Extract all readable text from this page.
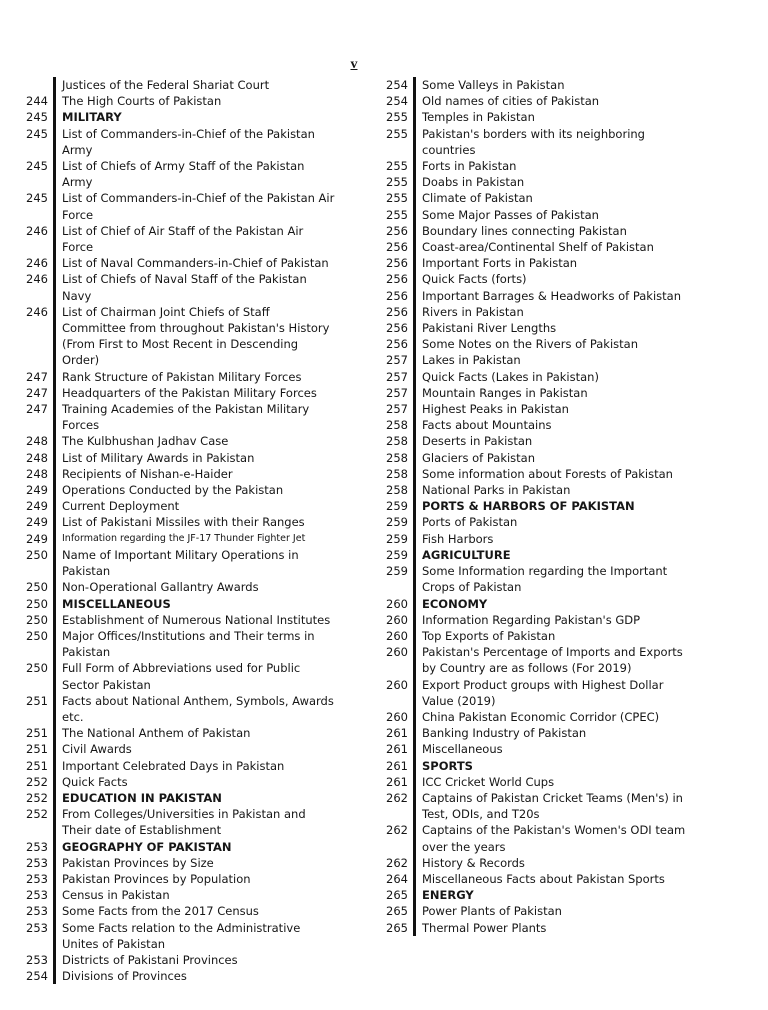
v
Justices of the Federal Shariat Court
244	The High Courts of Pakistan
245	MILITARY
245	List of Commanders-in-Chief of the Pakistan Army
245	List of Chiefs of Army Staff of the Pakistan Army
245	List of Commanders-in-Chief of the Pakistan Air Force
246	List of Chief of Air Staff of the Pakistan Air Force
246	List of Naval Commanders-in-Chief of Pakistan
246	List of Chiefs of Naval Staff of the Pakistan Navy
246	List of Chairman Joint Chiefs of Staff Committee from throughout Pakistan's History (From First to Most Recent in Descending Order)
247	Rank Structure of Pakistan Military Forces
247	Headquarters of the Pakistan Military Forces
247	Training Academies of the Pakistan Military Forces
248	The Kulbhushan Jadhav Case
248	List of Military Awards in Pakistan
248	Recipients of Nishan-e-Haider
249	Operations Conducted by the Pakistan
249	Current Deployment
249	List of Pakistani Missiles with their Ranges
249	Information regarding the JF-17 Thunder Fighter Jet
250	Name of Important Military Operations in Pakistan
250	Non-Operational Gallantry Awards
250	MISCELLANEOUS
250	Establishment of Numerous National Institutes
250	Major Offices/Institutions and Their terms in Pakistan
250	Full Form of Abbreviations used for Public Sector Pakistan
251	Facts about National Anthem, Symbols, Awards etc.
251	The National Anthem of Pakistan
251	Civil Awards
251	Important Celebrated Days in Pakistan
252	Quick Facts
252	EDUCATION IN PAKISTAN
252	From Colleges/Universities in Pakistan and Their date of Establishment
253	GEOGRAPHY OF PAKISTAN
253	Pakistan Provinces by Size
253	Pakistan Provinces by Population
253	Census in Pakistan
253	Some Facts from the 2017 Census
253	Some Facts relation to the Administrative Unites of Pakistan
253	Districts of Pakistani Provinces
254	Divisions of Provinces
254	Some Valleys in Pakistan
254	Old names of cities of Pakistan
255	Temples in Pakistan
255	Pakistan's borders with its neighboring countries
255	Forts in Pakistan
255	Doabs in Pakistan
255	Climate of Pakistan
255	Some Major Passes of Pakistan
256	Boundary lines connecting Pakistan
256	Coast-area/Continental Shelf of Pakistan
256	Important Forts in Pakistan
256	Quick Facts (forts)
256	Important Barrages & Headworks of Pakistan
256	Rivers in Pakistan
256	Pakistani River Lengths
256	Some Notes on the Rivers of Pakistan
257	Lakes in Pakistan
257	Quick Facts (Lakes in Pakistan)
257	Mountain Ranges in Pakistan
257	Highest Peaks in Pakistan
258	Facts about Mountains
258	Deserts in Pakistan
258	Glaciers of Pakistan
258	Some information about Forests of Pakistan
258	National Parks in Pakistan
259	PORTS & HARBORS OF PAKISTAN
259	Ports of Pakistan
259	Fish Harbors
259	AGRICULTURE
259	Some Information regarding the Important Crops of Pakistan
260	ECONOMY
260	Information Regarding Pakistan's GDP
260	Top Exports of Pakistan
260	Pakistan's Percentage of Imports and Exports by Country are as follows (For 2019)
260	Export Product groups with Highest Dollar Value (2019)
260	China Pakistan Economic Corridor (CPEC)
261	Banking Industry of Pakistan
261	Miscellaneous
261	SPORTS
261	ICC Cricket World Cups
262	Captains of Pakistan Cricket Teams (Men's) in Test, ODIs, and T20s
262	Captains of the Pakistan's Women's ODI team over the years
262	History & Records
264	Miscellaneous Facts about Pakistan Sports
265	ENERGY
265	Power Plants of Pakistan
265	Thermal Power Plants
